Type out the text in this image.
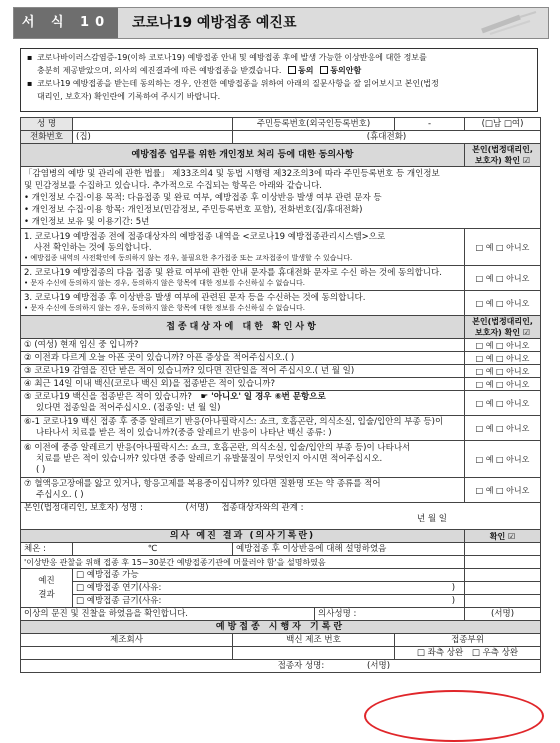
서 식 10	코로나19 예방접종 예진표
▪ 코로나바이러스감염증-19(이하 코로나19) 예방접종 안내 및 예방접종 후에 발생 가능한 이상반응에 대한 정보를
충분히 제공받았으며, 의사의 예진결과에 따른 예방접종을 받겠습니다. 동의 동의안함
▪ 코로나19 예방접종을 받는데 동의하는 경우, 안전한 예방접종을 위하여 아래의 질문사항을 잘 읽어보시고 본인(법정
대리인, 보호자) 확인란에 기록하여 주시기 바랍니다.
성 명		주민등록번호(외국인등록번호)		-	(□남 □여)
전화번호	(집)	(휴대전화)			
예방접종 업무를 위한 개인정보 처리 등에 대한 동의사항					본인(법정대리인, 보호자) 확인 ☑

「감염병의 예방 및 관리에 관한 법률」 제33조의4 및 동법 시행령 제32조의3에 따라 주민등록번호 등 개인정보
및 민감정보를 수집하고 있습니다. 추가적으로 수집되는 항목은 아래와 같습니다.
• 개인정보 수집·이용 목적: 다음접종 및 완료 여부, 예방접종 후 이상반응 발생 여부 관련 문자 등
• 개인정보 수집·이용 항목: 개인정보(민감정보, 주민등록번호 포함), 전화번호(집/휴대전화)
• 개인정보 보유 및 이용기간: 5년					

1. 코로나19 예방접종 전에 접종대상자의 예방접종 내역을 <코로나19 예방접종관리시스템>으로
사전 확인하는 것에 동의합니다.
• 예방접종 내역의 사전확인에 동의하지 않는 경우, 불필요한 추가접종 또는 교차접종이 발생할 수 있습니다.					□ 예 □ 아니오

2. 코로나19 예방접종의 다음 접종 및 완료 여부에 관한 안내 문자를 휴대전화 문자로 수신 하는 것에 동의합니다.
• 문자 수신에 동의하지 않는 경우, 동의하지 않은 항목에 대한 정보를 수신하실 수 없습니다.					□ 예 □ 아니오

3. 코로나19 예방접종 후 이상반응 발생 여부에 관련된 문자 등을 수신하는 것에 동의합니다.
• 문자 수신에 동의하지 않는 경우, 동의하지 않은 항목에 대한 정보를 수신하실 수 없습니다.					□ 예 □ 아니오
접종대상자에 대한 확인사항					본인(법정대리인, 보호자) 확인 ☑
① (여성) 현재 임신 중 입니까?					□ 예 □ 아니오
② 이전과 다르게 오늘 아픈 곳이 있습니까? 아픈 증상을 적어주십시오.( )					□ 예 □ 아니오
③ 코로나19 감염을 진단 받은 적이 있습니까? 있다면 진단일을 적어 주십시오.( 년 월 일)					□ 예 □ 아니오
④ 최근 14일 이내 백신(코로나 백신 외)을 접종받은 적이 있습니까?					□ 예 □ 아니오

⑤ 코로나19 백신을 접종받은 적이 있습니까? ☛ '아니오' 일 경우 ⑥번 문항으로
있다면 접종일을 적어주십시오. (접종일: 년 월 일)					□ 예 □ 아니오

⑥-1 코로나19 백신 접종 후 중증 알레르기 반응(아나필락시스: 쇼크, 호흡곤란, 의식소실, 입술/입안의 부종 등)이
나타나서 치료를 받은 적이 있습니까?(중증 알레르기 반응이 나타난 백신 종류: )					□ 예 □ 아니오

⑥ 이전에 중증 알레르기 반응(아나필락시스: 쇼크, 호흡곤란, 의식소실, 입술/입안의 부종 등)이 나타나서
치료를 받은 적이 있습니까? 있다면 중증 알레르기 유발물질이 무엇인지 아시면 적어주십시오.
( )					□ 예 □ 아니오

⑦ 혈액응고장애를 앓고 있거나, 항응고제를 복용중이십니까? 있다면 질환명 또는 약 종류를 적어
주십시오. ( )					□ 예 □ 아니오

본인(법정대리인, 보호자) 성명 : (서명) 접종대상자와의 관계 :
년 월 일					

의사 예진 결과 (의사기록란)					확인 ☑
체온 :	℃	예방접종 후 이상반응에 대해 설명하였음			
'이상반응 관찰을 위해 접종 후 15~30분간 예방접종기관에 머물러야 함'을 설명하였음					

예진
결과	□ 예방접종 가능				
	□ 예방접종 연기(사유: )				

	□ 예방접종 금기(사유: )				

이상의 문진 및 진찰을 하였음을 확인합니다.			의사성명 :		(서명)
예방접종 시행자 기록란					
제조회사		백신 제조 번호		접종부위	
				□ 좌측 상완 □ 우측 상완	
접종자 성명: (서명)					
